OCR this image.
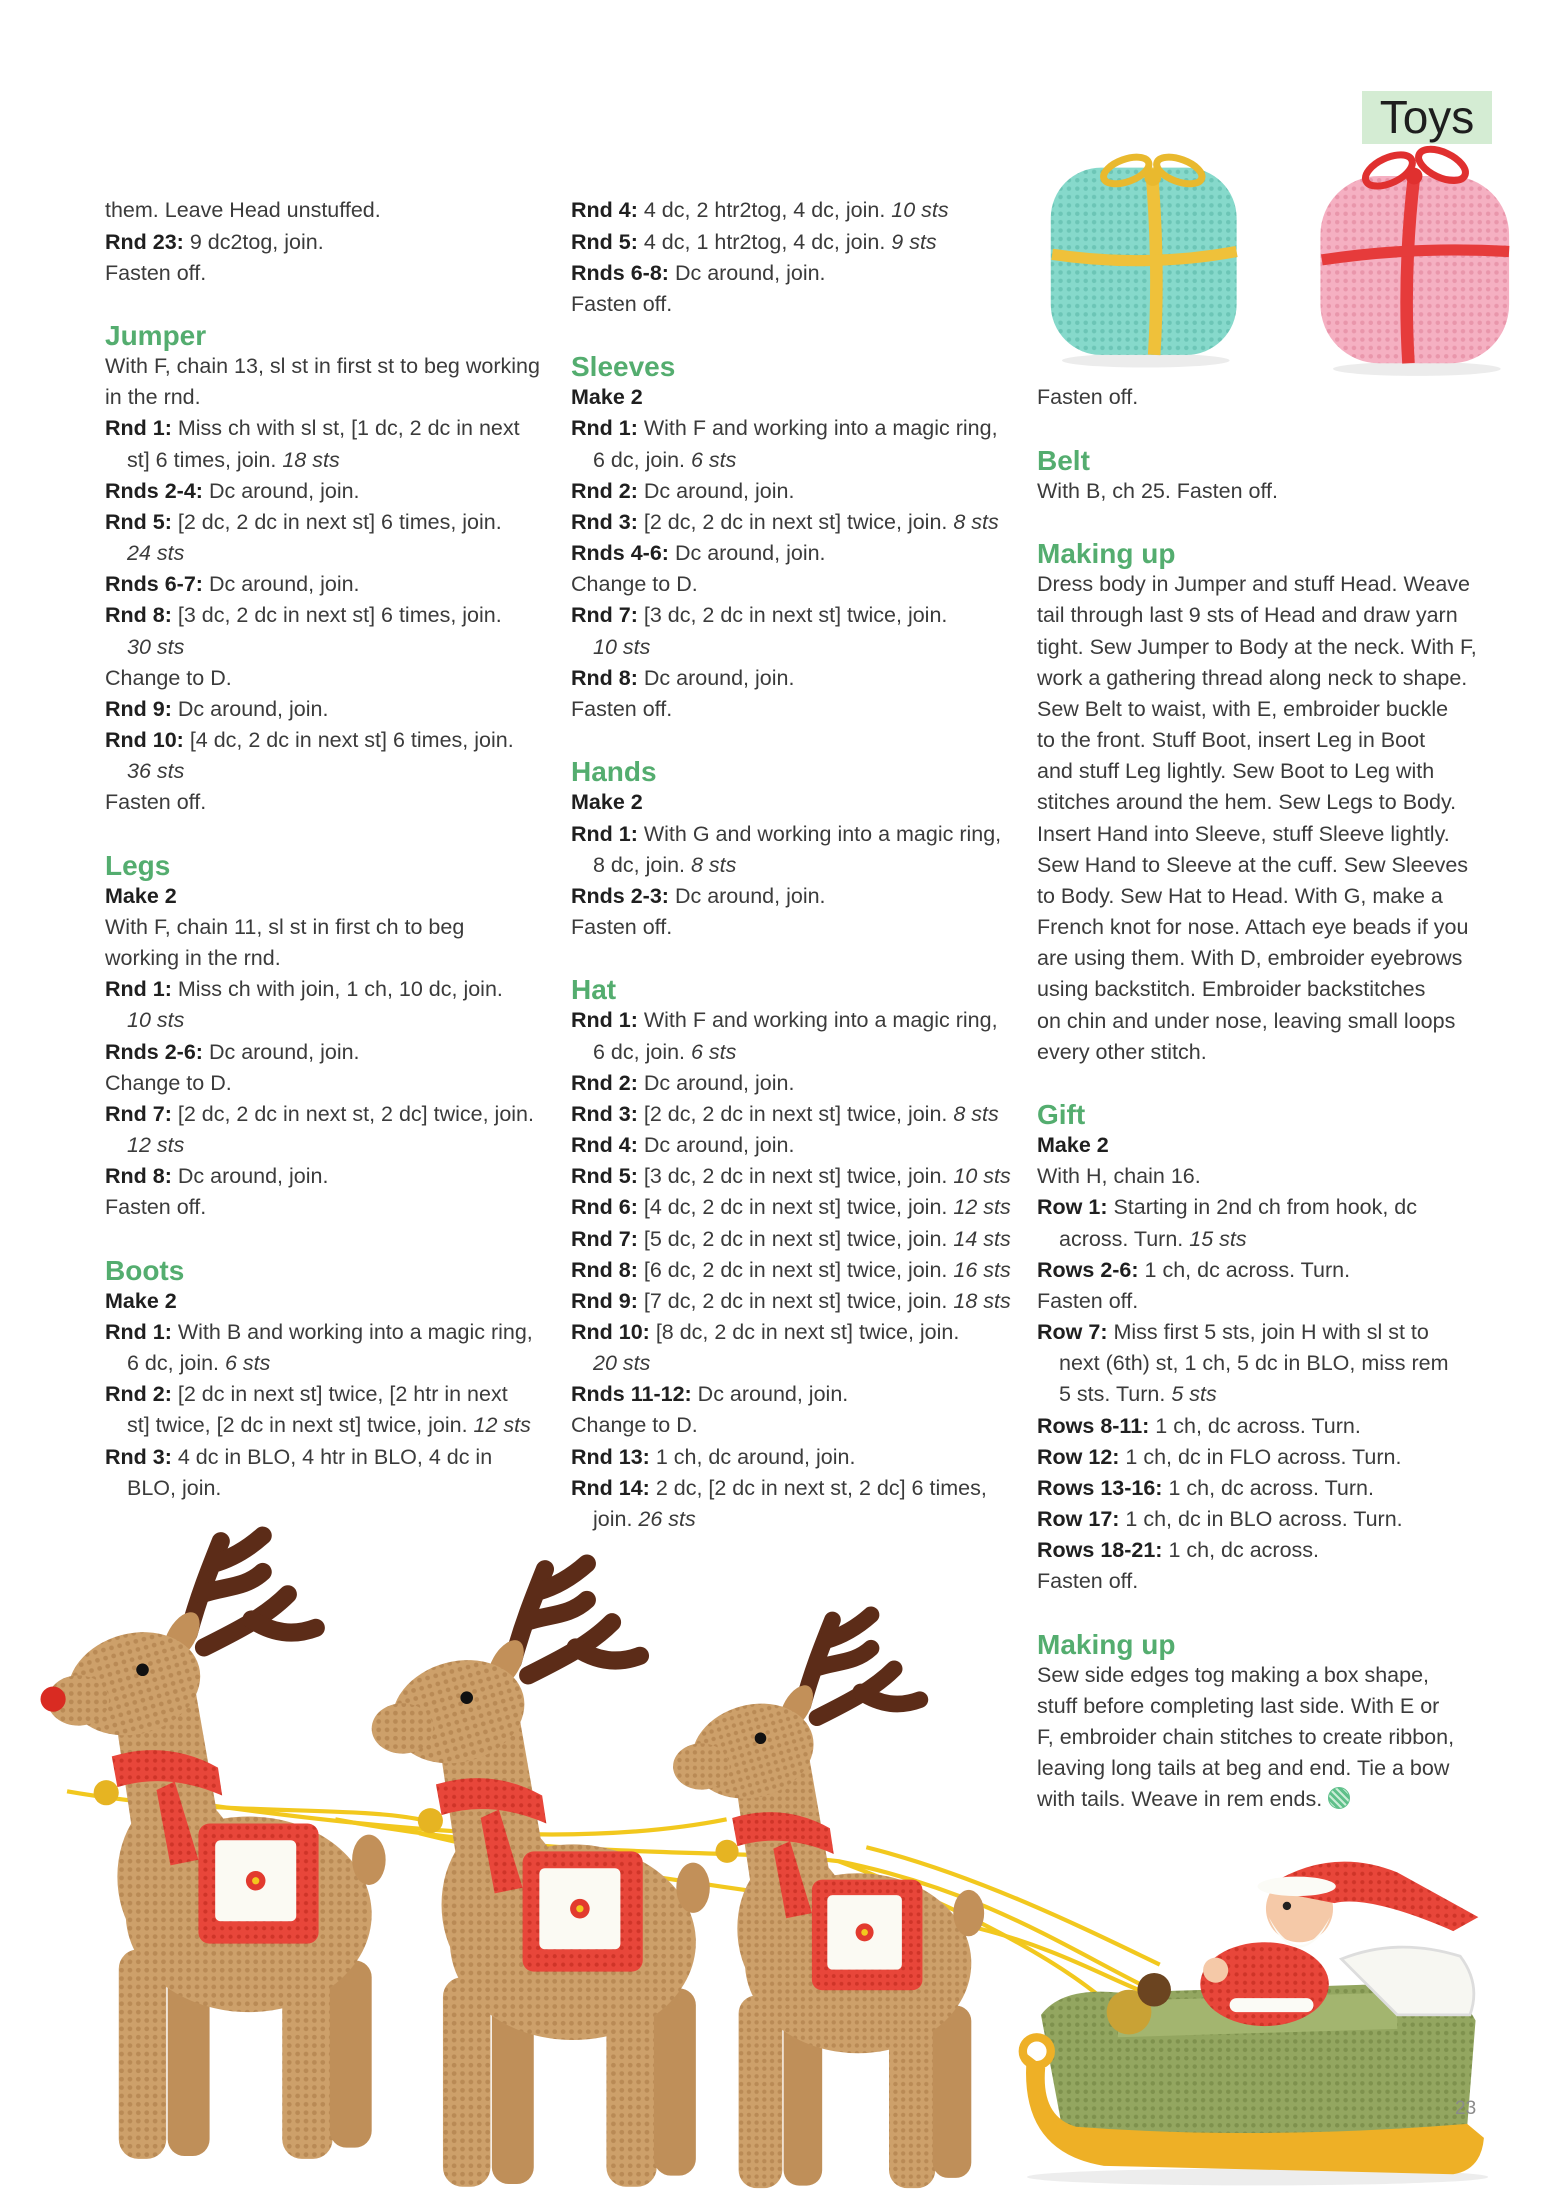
Toys
them. Leave Head unstuffed.
Rnd 23: 9 dc2tog, join.
Fasten off.
Jumper
With F, chain 13, sl st in first st to beg working
in the rnd.
Rnd 1: Miss ch with sl st, [1 dc, 2 dc in next
st] 6 times, join. 18 sts
Rnds 2-4: Dc around, join.
Rnd 5: [2 dc, 2 dc in next st] 6 times, join.
24 sts
Rnds 6-7: Dc around, join.
Rnd 8: [3 dc, 2 dc in next st] 6 times, join.
30 sts
Change to D.
Rnd 9: Dc around, join.
Rnd 10: [4 dc, 2 dc in next st] 6 times, join.
36 sts
Fasten off.
Legs
Make 2
With F, chain 11, sl st in first ch to beg
working in the rnd.
Rnd 1: Miss ch with join, 1 ch, 10 dc, join.
10 sts
Rnds 2-6: Dc around, join.
Change to D.
Rnd 7: [2 dc, 2 dc in next st, 2 dc] twice, join.
12 sts
Rnd 8: Dc around, join.
Fasten off.
Boots
Make 2
Rnd 1: With B and working into a magic ring,
6 dc, join. 6 sts
Rnd 2: [2 dc in next st] twice, [2 htr in next
st] twice, [2 dc in next st] twice, join. 12 sts
Rnd 3: 4 dc in BLO, 4 htr in BLO, 4 dc in
BLO, join.
Rnd 4: 4 dc, 2 htr2tog, 4 dc, join. 10 sts
Rnd 5: 4 dc, 1 htr2tog, 4 dc, join. 9 sts
Rnds 6-8: Dc around, join.
Fasten off.
Sleeves
Make 2
Rnd 1: With F and working into a magic ring,
6 dc, join. 6 sts
Rnd 2: Dc around, join.
Rnd 3: [2 dc, 2 dc in next st] twice, join. 8 sts
Rnds 4-6: Dc around, join.
Change to D.
Rnd 7: [3 dc, 2 dc in next st] twice, join.
10 sts
Rnd 8: Dc around, join.
Fasten off.
Hands
Make 2
Rnd 1: With G and working into a magic ring,
8 dc, join. 8 sts
Rnds 2-3: Dc around, join.
Fasten off.
Hat
Rnd 1: With F and working into a magic ring,
6 dc, join. 6 sts
Rnd 2: Dc around, join.
Rnd 3: [2 dc, 2 dc in next st] twice, join. 8 sts
Rnd 4: Dc around, join.
Rnd 5: [3 dc, 2 dc in next st] twice, join. 10 sts
Rnd 6: [4 dc, 2 dc in next st] twice, join. 12 sts
Rnd 7: [5 dc, 2 dc in next st] twice, join. 14 sts
Rnd 8: [6 dc, 2 dc in next st] twice, join. 16 sts
Rnd 9: [7 dc, 2 dc in next st] twice, join. 18 sts
Rnd 10: [8 dc, 2 dc in next st] twice, join.
20 sts
Rnds 11-12: Dc around, join.
Change to D.
Rnd 13: 1 ch, dc around, join.
Rnd 14: 2 dc, [2 dc in next st, 2 dc] 6 times,
join. 26 sts
Fasten off.
Belt
With B, ch 25. Fasten off.
Making up
Dress body in Jumper and stuff Head. Weave
tail through last 9 sts of Head and draw yarn
tight. Sew Jumper to Body at the neck. With F,
work a gathering thread along neck to shape.
Sew Belt to waist, with E, embroider buckle
to the front. Stuff Boot, insert Leg in Boot
and stuff Leg lightly. Sew Boot to Leg with
stitches around the hem. Sew Legs to Body.
Insert Hand into Sleeve, stuff Sleeve lightly.
Sew Hand to Sleeve at the cuff. Sew Sleeves
to Body. Sew Hat to Head. With G, make a
French knot for nose. Attach eye beads if you
are using them. With D, embroider eyebrows
using backstitch. Embroider backstitches
on chin and under nose, leaving small loops
every other stitch.
Gift
Make 2
With H, chain 16.
Row 1: Starting in 2nd ch from hook, dc
across. Turn. 15 sts
Rows 2-6: 1 ch, dc across. Turn.
Fasten off.
Row 7: Miss first 5 sts, join H with sl st to
next (6th) st, 1 ch, 5 dc in BLO, miss rem
5 sts. Turn. 5 sts
Rows 8-11: 1 ch, dc across. Turn.
Row 12: 1 ch, dc in FLO across. Turn.
Rows 13-16: 1 ch, dc across. Turn.
Row 17: 1 ch, dc in BLO across. Turn.
Rows 18-21: 1 ch, dc across.
Fasten off.
Making up
Sew side edges tog making a box shape,
stuff before completing last side. With E or
F, embroider chain stitches to create ribbon,
leaving long tails at beg and end. Tie a bow
with tails. Weave in rem ends.
23
